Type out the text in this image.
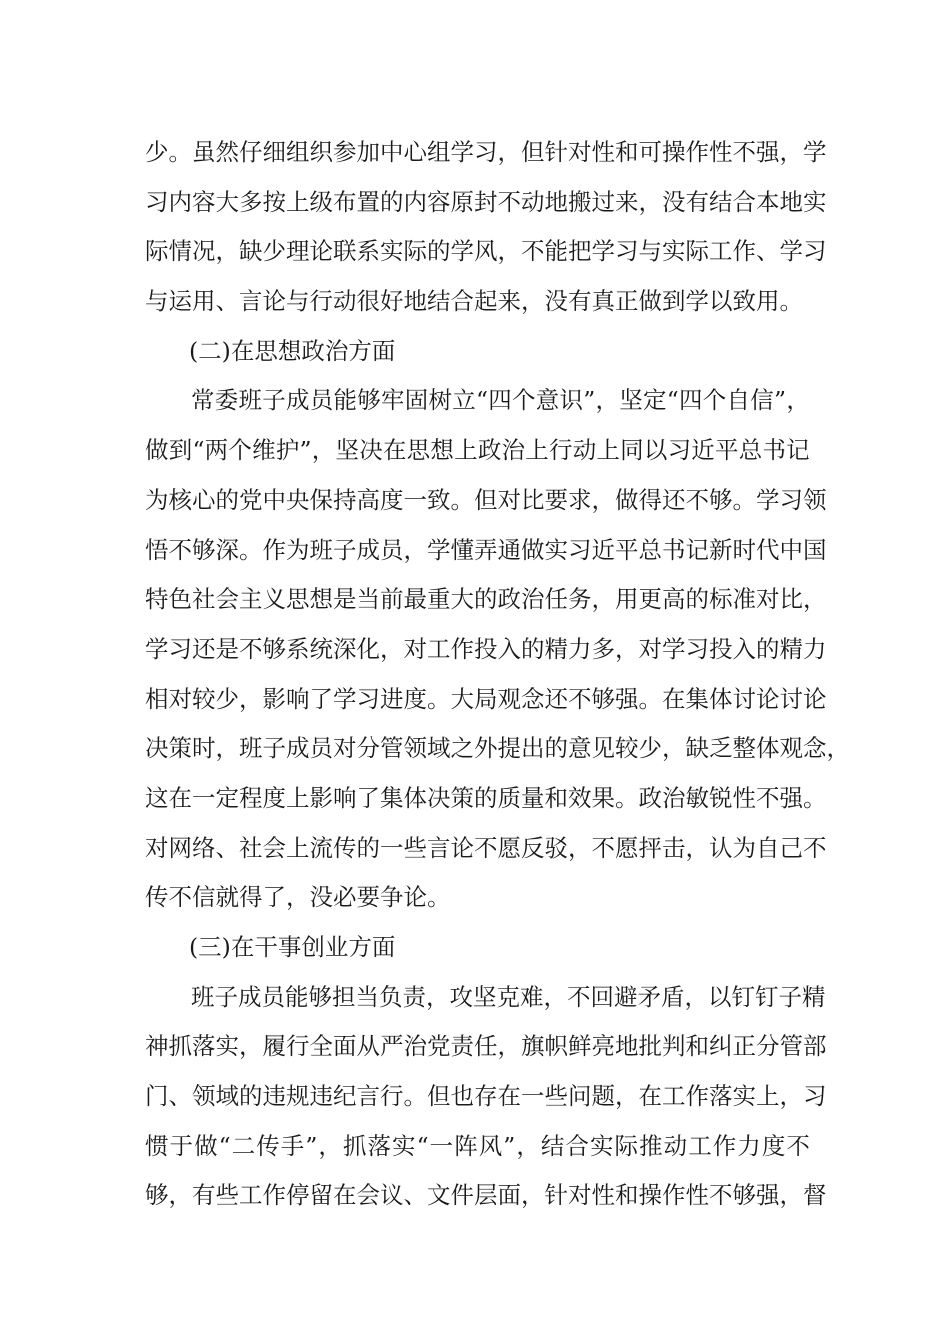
少 。 虽 然 仔 细 组 织 参 加 中 心 组 学 习 ， 但 针 对 性 和 可 操 作 性 不 强 ， 学
习 内 容 大 多 按 上 级 布 置 的 内 容 原 封 不 动 地 搬 过 来 ， 没 有 结 合 本 地 实
际 情 况 ， 缺 少 理 论 联 系 实 际 的 学 风 ， 不 能 把 学 习 与 实 际 工 作 、 学 习
与运用、言论与行动很好地结合起来，没有真正做到学以致用。
(二)在思想政治方面
常 委 班 子 成 员 能 够 牢 固 树 立 “ 四 个 意 识 ” ， 坚 定 “ 四 个 自 信 ” ，
做 到 “ 两 个 维 护 ” ， 坚 决 在 思 想 上 政 治 上 行 动 上 同 以 习 近 平 总 书 记
为 核 心 的 党 中 央 保 持 高 度 一 致 。 但 对 比 要 求 ， 做 得 还 不 够 。 学 习 领
悟 不 够 深 。 作 为 班 子 成 员 ， 学 懂 弄 通 做 实 习 近 平 总 书 记 新 时 代 中 国
特 色 社 会 主 义 思 想 是 当 前 最 重 大 的 政 治 任 务 ， 用 更 高 的 标 准 对 比 ，
学 习 还 是 不 够 系 统 深 化 ， 对 工 作 投 入 的 精 力 多 ， 对 学 习 投 入 的 精 力
相 对 较 少 ， 影 响 了 学 习 进 度 。 大 局 观 念 还 不 够 强 。 在 集 体 讨 论 讨 论
决 策 时 ， 班 子 成 员 对 分 管 领 域 之 外 提 出 的 意 见 较 少 ， 缺 乏 整 体 观 念 ，
这 在 一 定 程 度 上 影 响 了 集 体 决 策 的 质 量 和 效 果 。 政 治 敏 锐 性 不 强 。
对 网 络 、 社 会 上 流 传 的 一 些 言 论 不 愿 反 驳 ， 不 愿 抨 击 ， 认 为 自 己 不
传不信就得了，没必要争论。
(三)在干事创业方面
班 子 成 员 能 够 担 当 负 责 ， 攻 坚 克 难 ， 不 回 避 矛 盾 ， 以 钉 钉 子 精
神 抓 落 实 ， 履 行 全 面 从 严 治 党 责 任 ， 旗 帜 鲜 亮 地 批 判 和 纠 正 分 管 部
门 、 领 域 的 违 规 违 纪 言 行 。 但 也 存 在 一 些 问 题 ， 在 工 作 落 实 上 ， 习
惯 于 做 “ 二 传 手 ” ， 抓 落 实 “ 一 阵 风 ” ， 结 合 实 际 推 动 工 作 力 度 不
够 ， 有 些 工 作 停 留 在 会 议 、 文 件 层 面 ， 针 对 性 和 操 作 性 不 够 强 ， 督
